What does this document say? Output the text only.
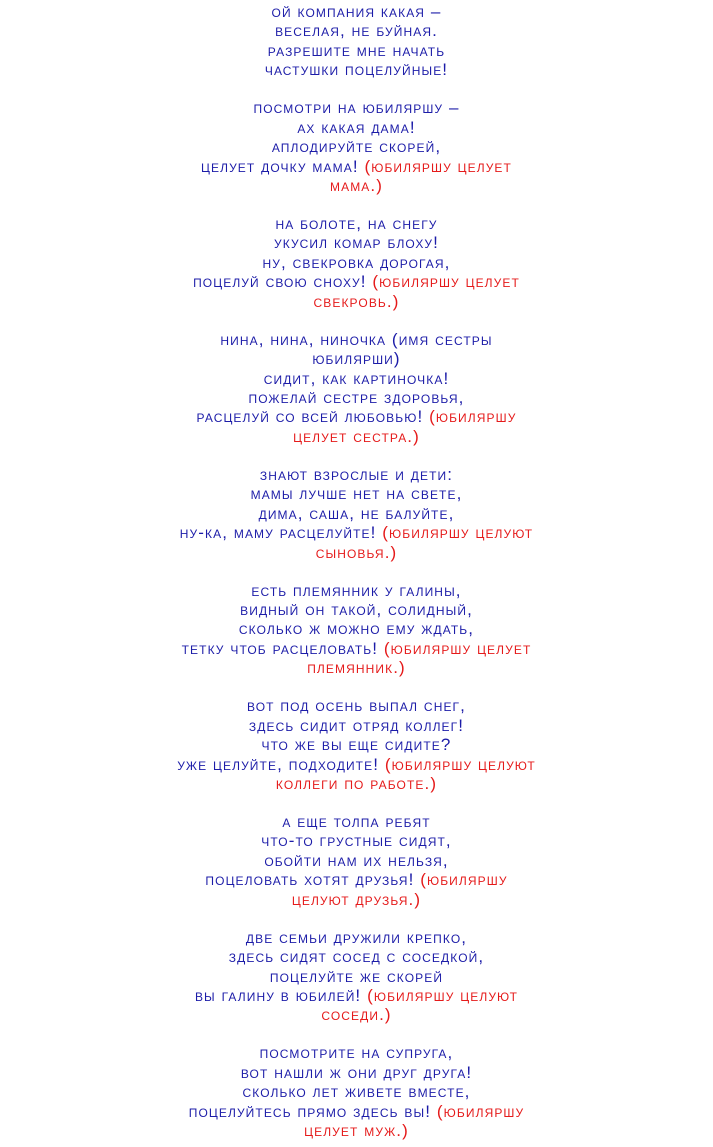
ой компания какая –
веселая, не буйная.
разрешите мне начать
частушки поцелуйные!
посмотри на юбиляршу –
ах какая дама!
аплодируйте скорей,
целует дочку мама! (юбиляршу целует
мама.)
на болоте, на снегу
укусил комар блоху!
ну, свекровка дорогая,
поцелуй свою сноху! (юбиляршу целует
свекровь.)
нина, нина, ниночка (имя сестры
юбилярши)
сидит, как картиночка!
пожелай сестре здоровья,
расцелуй со всей любовью! (юбиляршу
целует сестра.)
знают взрослые и дети:
мамы лучше нет на свете,
дима, саша, не балуйте,
ну-ка, маму расцелуйте! (юбиляршу целуют
сыновья.)
есть племянник у галины,
видный он такой, солидный,
сколько ж можно ему ждать,
тетку чтоб расцеловать! (юбиляршу целует
племянник.)
вот под осень выпал снег,
здесь сидит отряд коллег!
что же вы еще сидите?
уже целуйте, подходите! (юбиляршу целуют
коллеги по работе.)
а еще толпа ребят
что-то грустные сидят,
обойти нам их нельзя,
поцеловать хотят друзья! (юбиляршу
целуют друзья.)
две семьи дружили крепко,
здесь сидят сосед с соседкой,
поцелуйте же скорей
вы галину в юбилей! (юбиляршу целуют
соседи.)
посмотрите на супруга,
вот нашли ж они друг друга!
сколько лет живете вместе,
поцелуйтесь прямо здесь вы! (юбиляршу
целует муж.)
